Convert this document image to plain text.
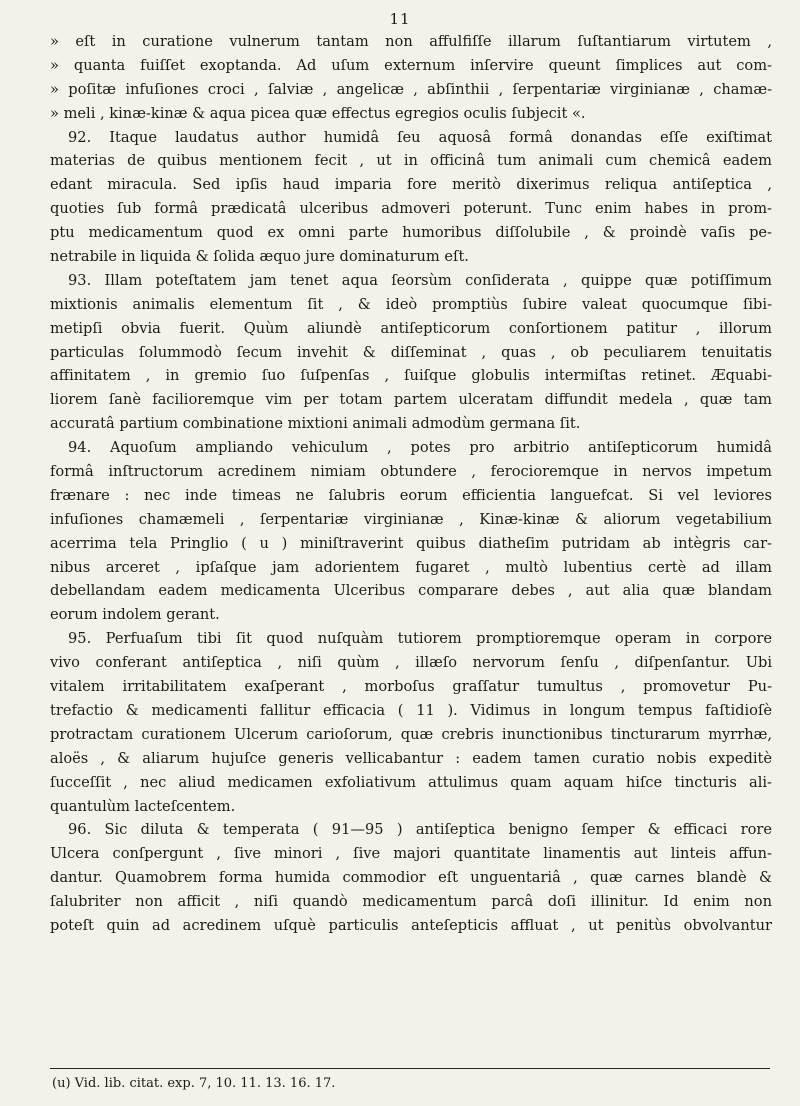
11
» eſt in curatione vulnerum tantam non affulfiſſe illarum ſuſtantiarum virtutem ,
» quanta fuiſſet exoptanda. Ad uſum externum inſervire queunt ſimplices aut com-
» poſitæ infuſiones croci , ſalviæ , angelicæ , abſinthii , ſerpentariæ virginianæ , chamæ-
» meli , kinæ-kinæ & aqua picea quæ effectus egregios oculis ſubjecit «.
92. Itaque laudatus author humidâ ſeu aquosâ formâ donandas eſſe exiſtimat
materias de quibus mentionem fecit , ut in officinâ tum animali cum chemicâ eadem
edant miracula. Sed ipſis haud imparia fore meritò dixerimus reliqua antiſeptica ,
quoties ſub formâ prædicatâ ulceribus admoveri poterunt. Tunc enim habes in prom-
ptu medicamentum quod ex omni parte humoribus diſſolubile , & proindè vaſis pe-
netrabile in liquida & ſolida æquo jure dominaturum eſt.
93. Illam poteſtatem jam tenet aqua ſeorsùm conſiderata , quippe quæ potiſſimum
mixtionis animalis elementum ſit , & ideò promptiùs ſubire valeat quocumque ſibi-
metipſi obvia fuerit. Quùm aliundè antiſepticorum conſortionem patitur , illorum
particulas ſolummodò ſecum invehit & diſſeminat , quas , ob peculiarem tenuitatis
affinitatem , in gremio ſuo ſuſpenſas , ſuiſque globulis intermiſtas retinet. Æquabi-
liorem ſanè facilioremque vim per totam partem ulceratam diffundit medela , quæ tam
accuratâ partium combinatione mixtioni animali admodùm germana ſit.
94. Aquoſum ampliando vehiculum , potes pro arbitrio antiſepticorum humidâ
formâ inſtructorum acredinem nimiam obtundere , ferocioremque in nervos impetum
frænare : nec inde timeas ne ſalubris eorum efficientia languefcat. Si vel leviores
infuſiones chamæmeli , ſerpentariæ virginianæ , Kinæ-kinæ & aliorum vegetabilium
acerrima tela Pringlio ( u ) miniſtraverint quibus diatheſim putridam ab intègris car-
nibus arceret , ipſaſque jam adorientem fugaret , multò lubentius certè ad illam
debellandam eadem medicamenta Ulceribus comparare debes , aut alia quæ blandam
eorum indolem gerant.
95. Perfuaſum tibi ſit quod nuſquàm tutiorem promptioremque operam in corpore
vivo conferant antiſeptica , niſi quùm , illæſo nervorum ſenſu , diſpenſantur. Ubi
vitalem irritabilitatem exaſperant , morboſus graſſatur tumultus , promovetur Pu-
trefactio & medicamenti fallitur efficacia ( 11 ). Vidimus in longum tempus faſtidioſè
protractam curationem Ulcerum carioſorum, quæ crebris inunctionibus tincturarum myrrhæ,
aloës , & aliarum hujuſce generis vellicabantur : eadem tamen curatio nobis expeditè
ſucceſſit , nec aliud medicamen exfoliativum attulimus quam aquam hiſce tincturis ali-
quantulùm lacteſcentem.
96. Sic diluta & temperata ( 91—95 ) antiſeptica benigno ſemper & efficaci rore
Ulcera conſpergunt , ſive minori , ſive majori quantitate linamentis aut linteis affun-
dantur. Quamobrem forma humida commodior eſt unguentariâ , quæ carnes blandè &
ſalubriter non afficit , niſi quandò medicamentum parcâ doſi illinitur. Id enim non
poteſt quin ad acredinem uſquè particulis anteſepticis affluat , ut penitùs obvolvantur
(u) Vid. lib. citat. exp. 7, 10. 11. 13. 16. 17.
